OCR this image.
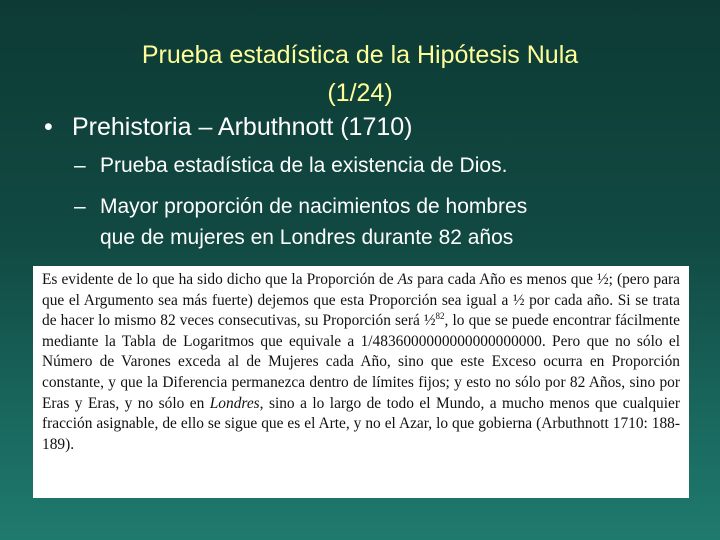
Prueba estadística de la Hipótesis Nula
(1/24)
• Prehistoria – Arbuthnott (1710)
– Prueba estadística de la existencia de Dios.
– Mayor proporción de nacimientos de hombres
que de mujeres en Londres durante 82 años
Es evidente de lo que ha sido dicho que la Proporción de As para cada Año es menos que ½; (pero para que el Argumento sea más fuerte) dejemos que esta Proporción sea igual a ½ por cada año. Si se trata de hacer lo mismo 82 veces consecutivas, su Proporción será ½$^{82}$, lo que se puede encontrar fácilmente mediante la Tabla de Logaritmos que equivale a 1/4836000000000000000000. Pero que no sólo el Número de Varones exceda al de Mujeres cada Año, sino que este Exceso ocurra en Proporción constante, y que la Diferencia permanezca dentro de límites fijos; y esto no sólo por 82 Años, sino por Eras y Eras, y no sólo en Londres, sino a lo largo de todo el Mundo, a mucho menos que cualquier fracción asignable, de ello se sigue que es el Arte, y no el Azar, lo que gobierna (Arbuthnott 1710: 188-189).
